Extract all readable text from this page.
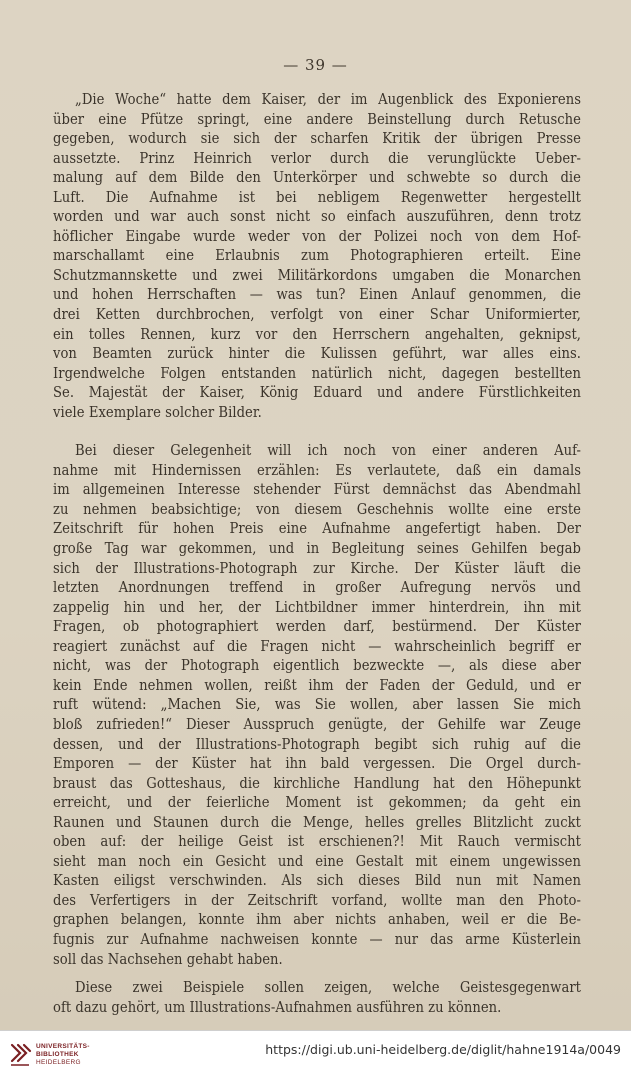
— 39 —
„Die Woche“ hatte dem Kaiser, der im Augenblick des Exponierens
über eine Pfütze springt, eine andere Beinstellung durch Retusche
gegeben, wodurch sie sich der scharfen Kritik der übrigen Presse
aussetzte. Prinz Heinrich verlor durch die verunglückte Ueber-
malung auf dem Bilde den Unterkörper und schwebte so durch die
Luft. Die Aufnahme ist bei nebligem Regenwetter hergestellt
worden und war auch sonst nicht so einfach auszuführen, denn trotz
höflicher Eingabe wurde weder von der Polizei noch von dem Hof-
marschallamt eine Erlaubnis zum Photographieren erteilt. Eine
Schutzmannskette und zwei Militärkordons umgaben die Monarchen
und hohen Herrschaften — was tun? Einen Anlauf genommen, die
drei Ketten durchbrochen, verfolgt von einer Schar Uniformierter,
ein tolles Rennen, kurz vor den Herrschern angehalten, geknipst,
von Beamten zurück hinter die Kulissen geführt, war alles eins.
Irgendwelche Folgen entstanden natürlich nicht, dagegen bestellten
Se. Majestät der Kaiser, König Eduard und andere Fürstlichkeiten
viele Exemplare solcher Bilder.
Bei dieser Gelegenheit will ich noch von einer anderen Auf-
nahme mit Hindernissen erzählen: Es verlautete, daß ein damals
im allgemeinen Interesse stehender Fürst demnächst das Abendmahl
zu nehmen beabsichtige; von diesem Geschehnis wollte eine erste
Zeitschrift für hohen Preis eine Aufnahme angefertigt haben. Der
große Tag war gekommen, und in Begleitung seines Gehilfen begab
sich der Illustrations-Photograph zur Kirche. Der Küster läuft die
letzten Anordnungen treffend in großer Aufregung nervös und
zappelig hin und her, der Lichtbildner immer hinterdrein, ihn mit
Fragen, ob photographiert werden darf, bestürmend. Der Küster
reagiert zunächst auf die Fragen nicht — wahrscheinlich begriff er
nicht, was der Photograph eigentlich bezweckte —, als diese aber
kein Ende nehmen wollen, reißt ihm der Faden der Geduld, und er
ruft wütend: „Machen Sie, was Sie wollen, aber lassen Sie mich
bloß zufrieden!“ Dieser Ausspruch genügte, der Gehilfe war Zeuge
dessen, und der Illustrations-Photograph begibt sich ruhig auf die
Emporen — der Küster hat ihn bald vergessen. Die Orgel durch-
braust das Gotteshaus, die kirchliche Handlung hat den Höhepunkt
erreicht, und der feierliche Moment ist gekommen; da geht ein
Raunen und Staunen durch die Menge, helles grelles Blitzlicht zuckt
oben auf: der heilige Geist ist erschienen?! Mit Rauch vermischt
sieht man noch ein Gesicht und eine Gestalt mit einem ungewissen
Kasten eiligst verschwinden. Als sich dieses Bild nun mit Namen
des Verfertigers in der Zeitschrift vorfand, wollte man den Photo-
graphen belangen, konnte ihm aber nichts anhaben, weil er die Be-
fugnis zur Aufnahme nachweisen konnte — nur das arme Küsterlein
soll das Nachsehen gehabt haben.
Diese zwei Beispiele sollen zeigen, welche Geistesgegenwart
oft dazu gehört, um Illustrations-Aufnahmen ausführen zu können.
UNIVERSITÄTS-
BIBLIOTHEK
HEIDELBERG
https://digi.ub.uni-heidelberg.de/diglit/hahne1914a/0049
